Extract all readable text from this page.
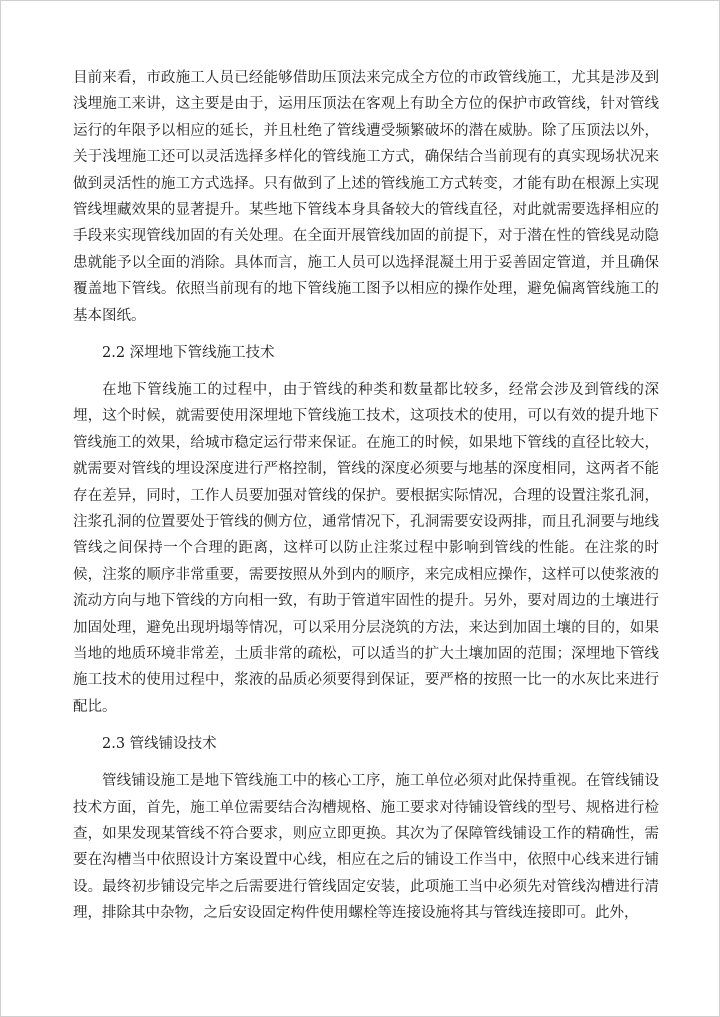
目前来看，市政施工人员已经能够借助压顶法来完成全方位的市政管线施工，尤其是涉及到浅埋施工来讲，这主要是由于，运用压顶法在客观上有助全方位的保护市政管线，针对管线运行的年限予以相应的延长，并且杜绝了管线遭受频繁破坏的潜在威胁。除了压顶法以外，关于浅埋施工还可以灵活选择多样化的管线施工方式，确保结合当前现有的真实现场状况来做到灵活性的施工方式选择。只有做到了上述的管线施工方式转变，才能有助在根源上实现管线埋藏效果的显著提升。某些地下管线本身具备较大的管线直径，对此就需要选择相应的手段来实现管线加固的有关处理。在全面开展管线加固的前提下，对于潜在性的管线晃动隐患就能予以全面的消除。具体而言，施工人员可以选择混凝土用于妥善固定管道，并且确保覆盖地下管线。依照当前现有的地下管线施工图予以相应的操作处理，避免偏离管线施工的基本图纸。

2.2 深埋地下管线施工技术

在地下管线施工的过程中，由于管线的种类和数量都比较多，经常会涉及到管线的深埋，这个时候，就需要使用深埋地下管线施工技术，这项技术的使用，可以有效的提升地下管线施工的效果，给城市稳定运行带来保证。在施工的时候，如果地下管线的直径比较大，就需要对管线的埋设深度进行严格控制，管线的深度必须要与地基的深度相同，这两者不能存在差异，同时，工作人员要加强对管线的保护。要根据实际情况，合理的设置注浆孔洞，注浆孔洞的位置要处于管线的侧方位，通常情况下，孔洞需要安设两排，而且孔洞要与地线管线之间保持一个合理的距离，这样可以防止注浆过程中影响到管线的性能。在注浆的时候，注浆的顺序非常重要，需要按照从外到内的顺序，来完成相应操作，这样可以使浆液的流动方向与地下管线的方向相一致，有助于管道牢固性的提升。另外，要对周边的土壤进行加固处理，避免出现坍塌等情况，可以采用分层浇筑的方法，来达到加固土壤的目的，如果当地的地质环境非常差，土质非常的疏松，可以适当的扩大土壤加固的范围；深埋地下管线施工技术的使用过程中，浆液的品质必须要得到保证，要严格的按照一比一的水灰比来进行配比。

2.3 管线铺设技术

管线铺设施工是地下管线施工中的核心工序，施工单位必须对此保持重视。在管线铺设技术方面，首先，施工单位需要结合沟槽规格、施工要求对待铺设管线的型号、规格进行检查，如果发现某管线不符合要求，则应立即更换。其次为了保障管线铺设工作的精确性，需要在沟槽当中依照设计方案设置中心线，相应在之后的铺设工作当中，依照中心线来进行铺设。最终初步铺设完毕之后需要进行管线固定安装，此项施工当中必须先对管线沟槽进行清理，排除其中杂物，之后安设固定构件使用螺栓等连接设施将其与管线连接即可。此外，
